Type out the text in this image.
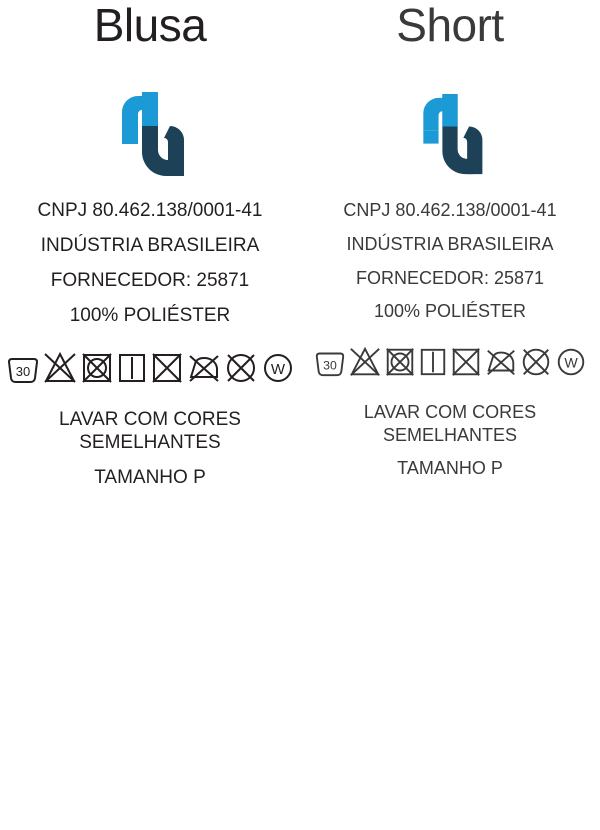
Blusa
CNPJ 80.462.138/0001-41
INDÚSTRIA BRASILEIRA
FORNECEDOR: 25871
100% POLIÉSTER
30	W
LAVAR COM CORES SEMELHANTES
TAMANHO P
Short
CNPJ 80.462.138/0001-41
INDÚSTRIA BRASILEIRA
FORNECEDOR: 25871
100% POLIÉSTER
30	W
LAVAR COM CORES SEMELHANTES
TAMANHO P
